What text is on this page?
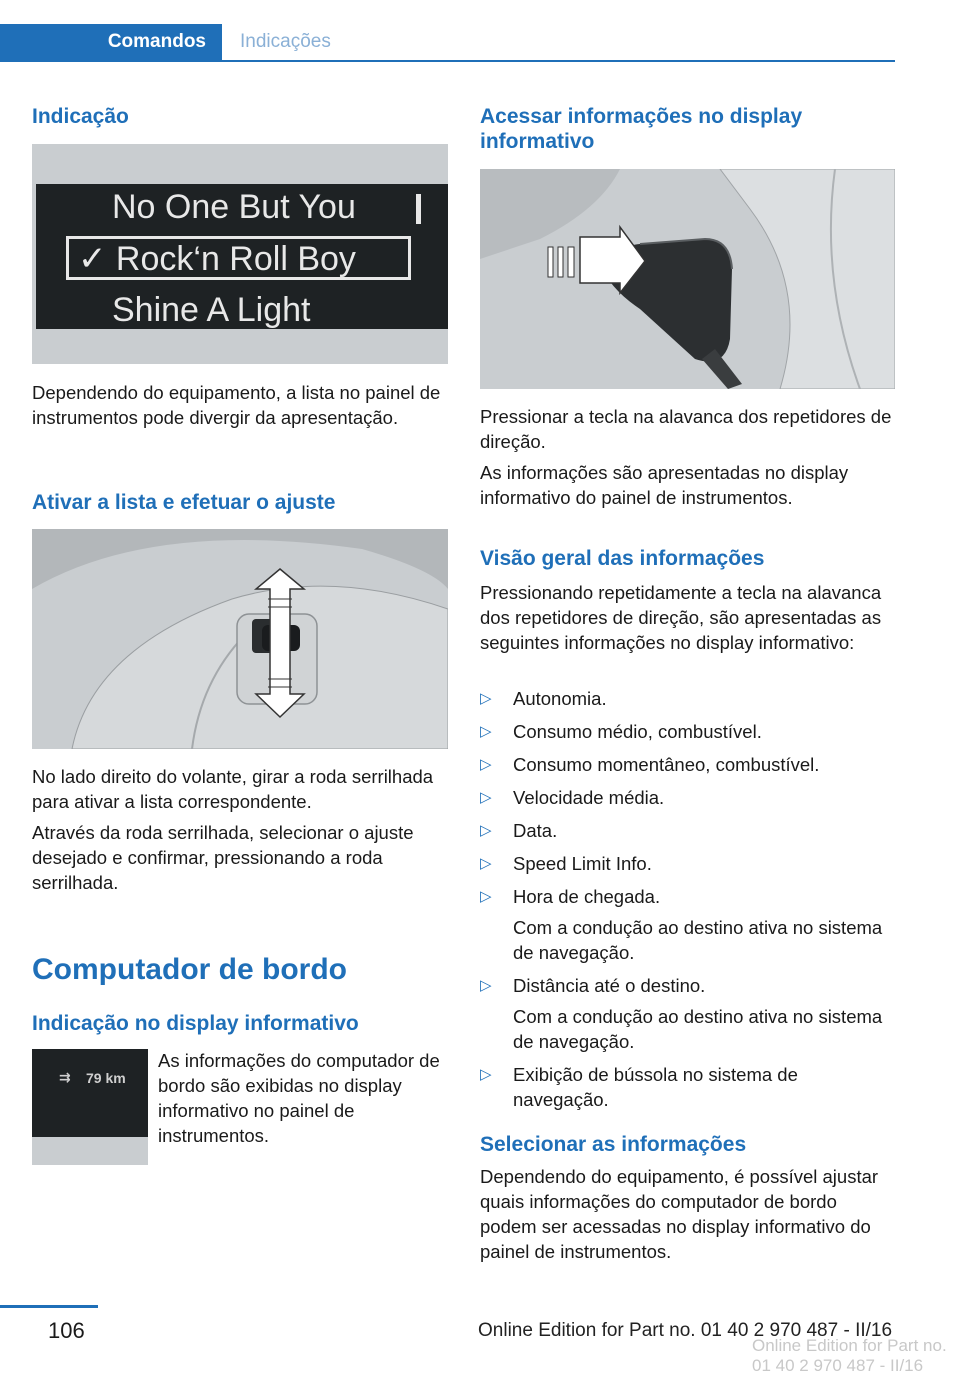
Comandos	Indicações
Indicação
No One But You
✓ Rock‘n Roll Boy
Shine A Light

Dependendo do equipamento, a lista no painel de instrumentos pode divergir da apresentação.

Ativar a lista e efetuar o ajuste

No lado direito do volante, girar a roda serrilhada para ativar a lista correspondente.

Através da roda serrilhada, selecionar o ajuste desejado e confirmar, pressionando a roda serrilhada.

Computador de bordo
Indicação no display informativo
⇉ 79 km

As informações do computador de bordo são exibidas no display informativo no painel de instrumentos.

Acessar informações no display informativo

Pressionar a tecla na alavanca dos repetidores de direção.

As informações são apresentadas no display informativo do painel de instrumentos.

Visão geral das informações

Pressionando repetidamente a tecla na alavanca dos repetidores de direção, são apresentadas as seguintes informações no display informativo:

▷ Autonomia.
▷ Consumo médio, combustível.
▷ Consumo momentâneo, combustível.
▷ Velocidade média.
▷ Data.
▷ Speed Limit Info.
▷ Hora de chegada.
Com a condução ao destino ativa no sistema de navegação.
▷ Distância até o destino.
Com a condução ao destino ativa no sistema de navegação.
▷ Exibição de bússola no sistema de navegação.
Selecionar as informações

Dependendo do equipamento, é possível ajustar quais informações do computador de bordo podem ser acessadas no display informativo do painel de instrumentos.

106	Online Edition for Part no. 01 40 2 970 487 - II/16
Online Edition for Part no. 01 40 2 970 487 - II/16
